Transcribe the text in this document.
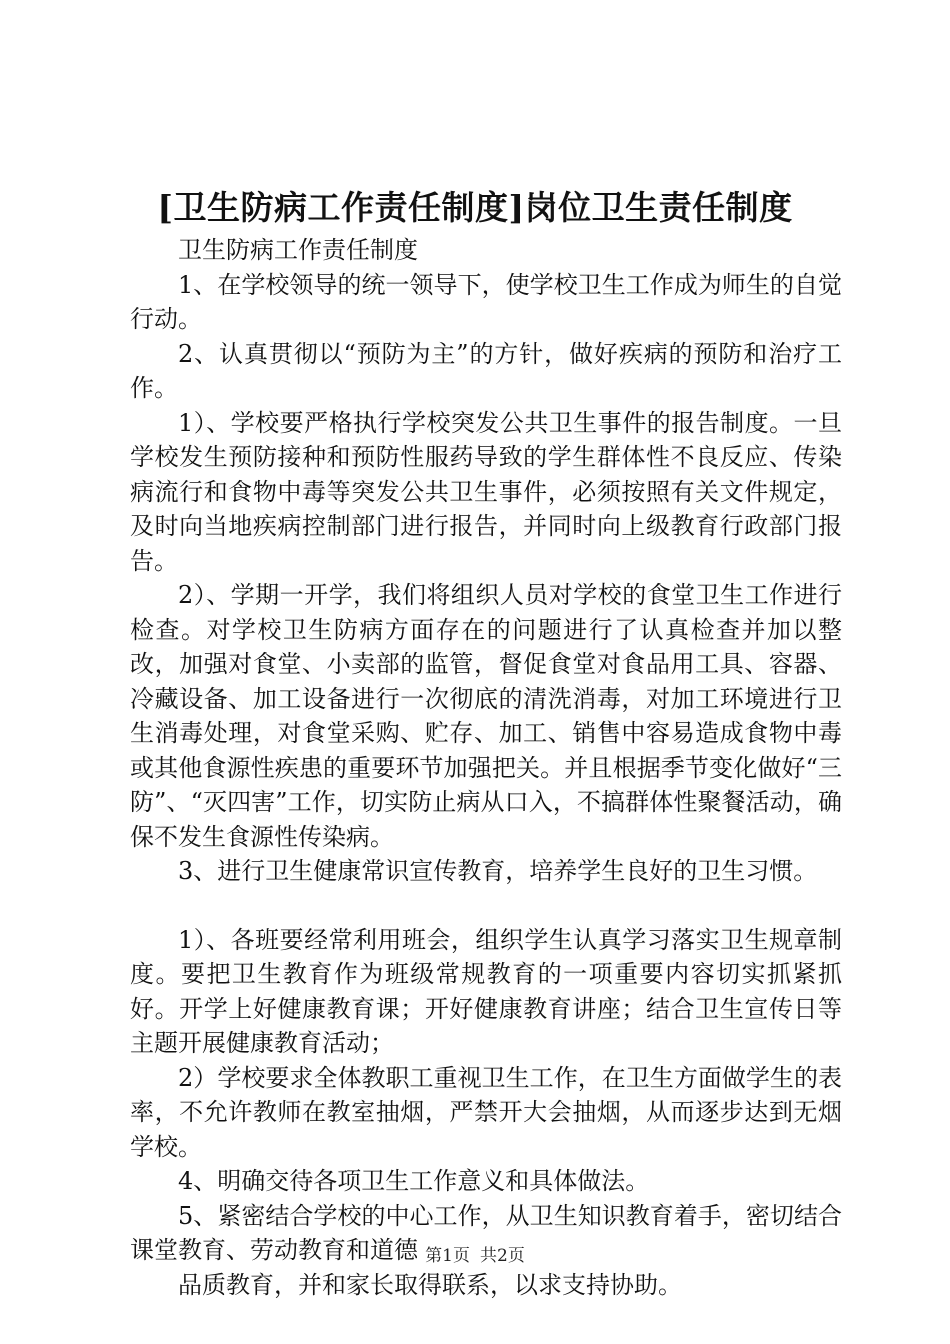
[卫生防病工作责任制度]岗位卫生责任制度

卫生防病工作责任制度

1、在学校领导的统一领导下，使学校卫生工作成为师生的自觉行动。

2、认真贯彻以“预防为主”的方针，做好疾病的预防和治疗工作。

1）、学校要严格执行学校突发公共卫生事件的报告制度。一旦学校发生预防接种和预防性服药导致的学生群体性不良反应、传染病流行和食物中毒等突发公共卫生事件，必须按照有关文件规定，及时向当地疾病控制部门进行报告，并同时向上级教育行政部门报告。

2）、学期一开学，我们将组织人员对学校的食堂卫生工作进行检查。对学校卫生防病方面存在的问题进行了认真检查并加以整改，加强对食堂、小卖部的监管，督促食堂对食品用工具、容器、冷藏设备、加工设备进行一次彻底的清洗消毒，对加工环境进行卫生消毒处理，对食堂采购、贮存、加工、销售中容易造成食物中毒或其他食源性疾患的重要环节加强把关。并且根据季节变化做好“三防”、“灭四害”工作，切实防止病从口入，不搞群体性聚餐活动，确保不发生食源性传染病。

3、进行卫生健康常识宣传教育，培养学生良好的卫生习惯。

1）、各班要经常利用班会，组织学生认真学习落实卫生规章制度。要把卫生教育作为班级常规教育的一项重要内容切实抓紧抓好。开学上好健康教育课；开好健康教育讲座；结合卫生宣传日等主题开展健康教育活动；

2）学校要求全体教职工重视卫生工作，在卫生方面做学生的表率，不允许教师在教室抽烟，严禁开大会抽烟，从而逐步达到无烟学校。

4、明确交待各项卫生工作意义和具体做法。

5、紧密结合学校的中心工作，从卫生知识教育着手，密切结合课堂教育、劳动教育和道德

品质教育，并和家长取得联系，以求支持协助。

第1页 共2页
